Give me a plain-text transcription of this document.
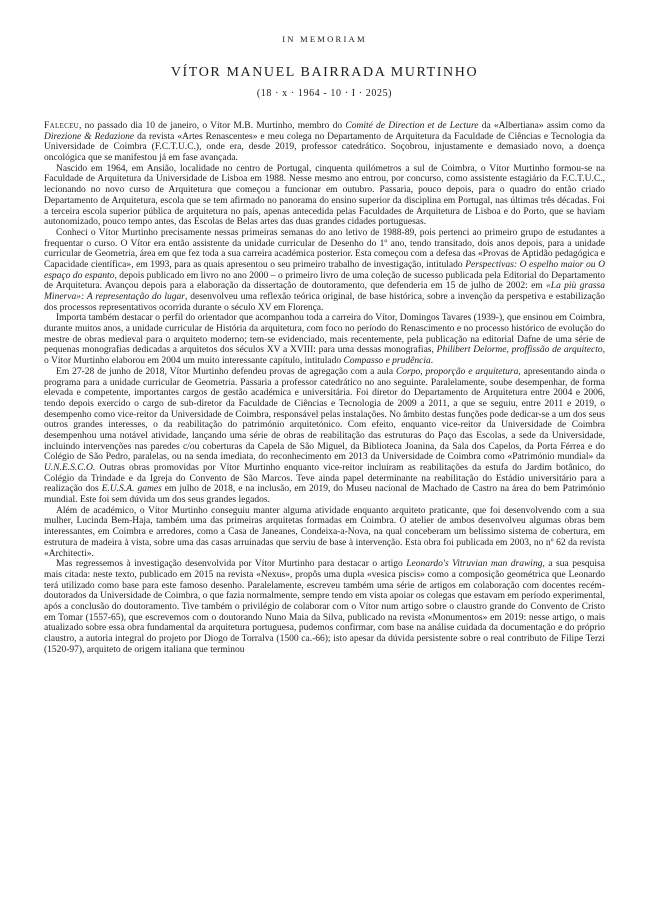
IN MEMORIAM

VÍTOR MANUEL BAIRRADA MURTINHO

(18 · x · 1964 - 10 · I · 2025)

Faleceu, no passado dia 10 de janeiro, o Vítor M.B. Murtinho, membro do Comité de Direction et de Lecture da «Albertiana» assim como da Direzione & Redazione da revista «Artes Renascentes» e meu colega no Departamento de Arquitetura da Faculdade de Ciências e Tecnologia da Universidade de Coimbra (F.C.T.U.C.), onde era, desde 2019, professor catedrático. Soçobrou, injustamente e demasiado novo, a doença oncológica que se manifestou já em fase avançada.

Nascido em 1964, em Ansião, localidade no centro de Portugal, cinquenta quilómetros a sul de Coimbra, o Vítor Murtinho formou-se na Faculdade de Arquitetura da Universidade de Lisboa em 1988. Nesse mesmo ano entrou, por concurso, como assistente estagiário da F.C.T.U.C., lecionando no novo curso de Arquitetura que começou a funcionar em outubro. Passaria, pouco depois, para o quadro do então criado Departamento de Arquitetura, escola que se tem afirmado no panorama do ensino superior da disciplina em Portugal, nas últimas três décadas. Foi a terceira escola superior pública de arquitetura no país, apenas antecedida pelas Faculdades de Arquitetura de Lisboa e do Porto, que se haviam autonomizado, pouco tempo antes, das Escolas de Belas artes das duas grandes cidades portuguesas.

Conheci o Vítor Murtinho precisamente nessas primeiras semanas do ano letivo de 1988-89, pois pertenci ao primeiro grupo de estudantes a frequentar o curso. O Vítor era então assistente da unidade curricular de Desenho do 1º ano, tendo transitado, dois anos depois, para a unidade curricular de Geometria, área em que fez toda a sua carreira académica posterior. Esta começou com a defesa das «Provas de Aptidão pedagógica e Capacidade científica», em 1993, para as quais apresentou o seu primeiro trabalho de investigação, intitulado Perspectivas: O espelho maior ou O espaço do espanto, depois publicado em livro no ano 2000 – o primeiro livro de uma coleção de sucesso publicada pela Editorial do Departamento de Arquitetura. Avançou depois para a elaboração da dissertação de doutoramento, que defenderia em 15 de julho de 2002: em «La più grassa Minerva»: A representação do lugar, desenvolveu uma reflexão teórica original, de base histórica, sobre a invenção da perspetiva e estabilização dos processos representativos ocorrida durante o século XV em Florença.

Importa também destacar o perfil do orientador que acompanhou toda a carreira do Vítor, Domingos Tavares (1939-), que ensinou em Coimbra, durante muitos anos, a unidade curricular de História da arquitetura, com foco no período do Renascimento e no processo histórico de evolução do mestre de obras medieval para o arquiteto moderno; tem-se evidenciado, mais recentemente, pela publicação na editorial Dafne de uma série de pequenas monografias dedicadas a arquitetos dos séculos XV a XVIII: para uma dessas monografias, Philibert Delorme, proffissão de arquitecto, o Vítor Murtinho elaborou em 2004 um muito interessante capítulo, intitulado Compasso e prudência.

Em 27-28 de junho de 2018, Vítor Murtinho defendeu provas de agregação com a aula Corpo, proporção e arquitetura, apresentando ainda o programa para a unidade curricular de Geometria. Passaria a professor catedrático no ano seguinte. Paralelamente, soube desempenhar, de forma elevada e competente, importantes cargos de gestão académica e universitária. Foi diretor do Departamento de Arquitetura entre 2004 e 2006, tendo depois exercido o cargo de sub-diretor da Faculdade de Ciências e Tecnologia de 2009 a 2011, a que se seguiu, entre 2011 e 2019, o desempenho como vice-reitor da Universidade de Coimbra, responsável pelas instalações. No âmbito destas funções pode dedicar-se a um dos seus outros grandes interesses, o da reabilitação do património arquitetónico. Com efeito, enquanto vice-reitor da Universidade de Coimbra desempenhou uma notável atividade, lançando uma série de obras de reabilitação das estruturas do Paço das Escolas, a sede da Universidade, incluindo intervenções nas paredes c/ou coberturas da Capela de São Miguel, da Biblioteca Joanina, da Sala dos Capelos, da Porta Férrea e do Colégio de São Pedro, paralelas, ou na senda imediata, do reconhecimento em 2013 da Universidade de Coimbra como «Património mundial» da U.N.E.S.C.O. Outras obras promovidas por Vítor Murtinho enquanto vice-reitor incluíram as reabilitações da estufa do Jardim botânico, do Colégio da Trindade e da Igreja do Convento de São Marcos. Teve ainda papel determinante na reabilitação do Estádio universitário para a realização dos E.U.S.A. games em julho de 2018, e na inclusão, em 2019, do Museu nacional de Machado de Castro na área do bem Património mundial. Este foi sem dúvida um dos seus grandes legados.

Além de académico, o Vítor Murtinho conseguiu manter alguma atividade enquanto arquiteto praticante, que foi desenvolvendo com a sua mulher, Lucinda Bem-Haja, também uma das primeiras arquitetas formadas em Coimbra. O atelier de ambos desenvolveu algumas obras bem interessantes, em Coimbra e arredores, como a Casa de Janeanes, Condeixa-a-Nova, na qual conceberam um belíssimo sistema de cobertura, em estrutura de madeira à vista, sobre uma das casas arruinadas que serviu de base à intervenção. Esta obra foi publicada em 2003, no nº 62 da revista «Architecti».

Mas regressemos à investigação desenvolvida por Vítor Murtinho para destacar o artigo Leonardo's Vitruvian man drawing, a sua pesquisa mais citada: neste texto, publicado em 2015 na revista «Nexus», propôs uma dupla «vesica piscis» como a composição geométrica que Leonardo terá utilizado como base para este famoso desenho. Paralelamente, escreveu também uma série de artigos em colaboração com docentes recém-doutorados da Universidade de Coimbra, o que fazia normalmente, sempre tendo em vista apoiar os colegas que estavam em período experimental, após a conclusão do doutoramento. Tive também o privilégio de colaborar com o Vítor num artigo sobre o claustro grande do Convento de Cristo em Tomar (1557-65), que escrevemos com o doutorando Nuno Maia da Silva, publicado na revista «Monumentos» em 2019: nesse artigo, o mais atualizado sobre essa obra fundamental da arquitetura portuguesa, pudemos confirmar, com base na análise cuidada da documentação e do próprio claustro, a autoria integral do projeto por Diogo de Torralva (1500 ca.-66); isto apesar da dúvida persistente sobre o real contributo de Filipe Terzi (1520-97), arquiteto de origem italiana que terminou
